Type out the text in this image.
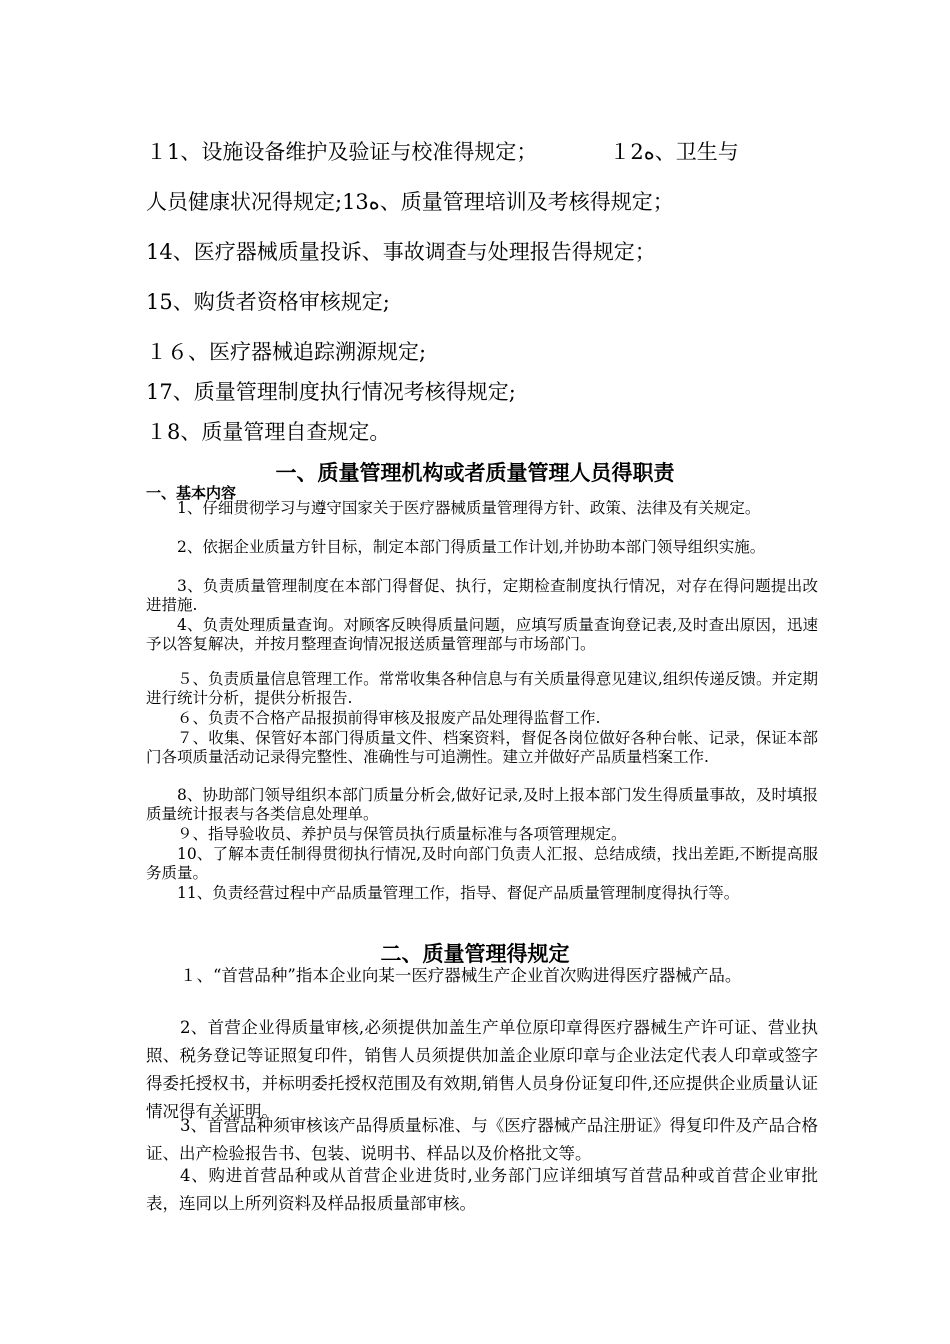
１1、设施设备维护及验证与校准得规定；	１2ﻩ、卫生与
人员健康状况得规定;13ﻩ、质量管理培训及考核得规定；
14、医疗器械质量投诉、事故调查与处理报告得规定；
15、购货者资格审核规定;
１６、医疗器械追踪溯源规定;
17、质量管理制度执行情况考核得规定;
１8、质量管理自查规定。
一、质量管理机构或者质量管理人员得职责
一、基本内容
1、仔细贯彻学习与遵守国家关于医疗器械质量管理得方针、政策、法律及有关规定。
2、依据企业质量方针目标，制定本部门得质量工作计划,并协助本部门领导组织实施。
3、负责质量管理制度在本部门得督促、执行，定期检查制度执行情况，对存在得问题提出改进措施.
4、负责处理质量查询。对顾客反映得质量问题，应填写质量查询登记表,及时查出原因，迅速予以答复解决，并按月整理查询情况报送质量管理部与市场部门。
５、负责质量信息管理工作。常常收集各种信息与有关质量得意见建议,组织传递反馈。并定期进行统计分析，提供分析报告.
６、负责不合格产品报损前得审核及报废产品处理得监督工作.
７、收集、保管好本部门得质量文件、档案资料，督促各岗位做好各种台帐、记录，保证本部门各项质量活动记录得完整性、准确性与可追溯性。建立并做好产品质量档案工作.
8、协助部门领导组织本部门质量分析会,做好记录,及时上报本部门发生得质量事故，及时填报质量统计报表与各类信息处理单。
９、指导验收员、养护员与保管员执行质量标准与各项管理规定。
10、了解本责任制得贯彻执行情况,及时向部门负责人汇报、总结成绩，找出差距,不断提高服务质量。
11、负责经营过程中产品质量管理工作，指导、督促产品质量管理制度得执行等。
二、质量管理得规定
１、“首营品种”指本企业向某一医疗器械生产企业首次购进得医疗器械产品。
2、首营企业得质量审核,必须提供加盖生产单位原印章得医疗器械生产许可证、营业执照、税务登记等证照复印件，销售人员须提供加盖企业原印章与企业法定代表人印章或签字得委托授权书，并标明委托授权范围及有效期,销售人员身份证复印件,还应提供企业质量认证情况得有关证明。
3、首营品种须审核该产品得质量标准、与《医疗器械产品注册证》得复印件及产品合格证、出产检验报告书、包装、说明书、样品以及价格批文等。
4、购进首营品种或从首营企业进货时,业务部门应详细填写首营品种或首营企业审批表，连同以上所列资料及样品报质量部审核。
